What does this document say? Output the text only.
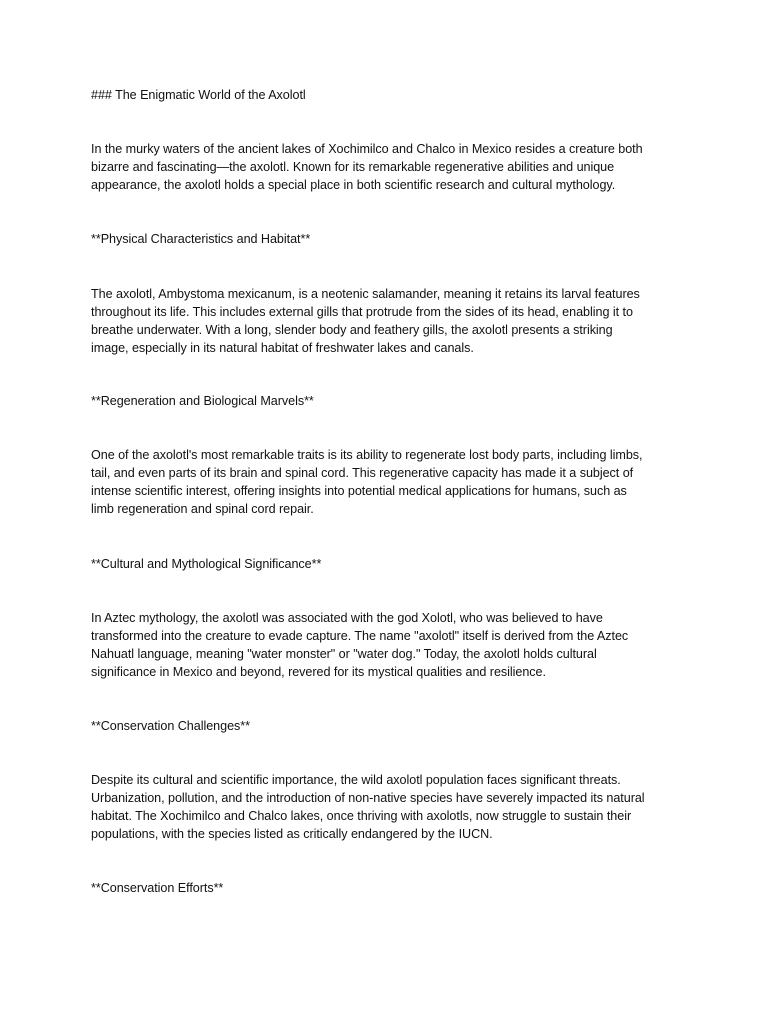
### The Enigmatic World of the Axolotl
In the murky waters of the ancient lakes of Xochimilco and Chalco in Mexico resides a creature both
bizarre and fascinating—the axolotl. Known for its remarkable regenerative abilities and unique
appearance, the axolotl holds a special place in both scientific research and cultural mythology.
**Physical Characteristics and Habitat**
The axolotl, Ambystoma mexicanum, is a neotenic salamander, meaning it retains its larval features
throughout its life. This includes external gills that protrude from the sides of its head, enabling it to
breathe underwater. With a long, slender body and feathery gills, the axolotl presents a striking
image, especially in its natural habitat of freshwater lakes and canals.
**Regeneration and Biological Marvels**
One of the axolotl's most remarkable traits is its ability to regenerate lost body parts, including limbs,
tail, and even parts of its brain and spinal cord. This regenerative capacity has made it a subject of
intense scientific interest, offering insights into potential medical applications for humans, such as
limb regeneration and spinal cord repair.
**Cultural and Mythological Significance**
In Aztec mythology, the axolotl was associated with the god Xolotl, who was believed to have
transformed into the creature to evade capture. The name "axolotl" itself is derived from the Aztec
Nahuatl language, meaning "water monster" or "water dog." Today, the axolotl holds cultural
significance in Mexico and beyond, revered for its mystical qualities and resilience.
**Conservation Challenges**
Despite its cultural and scientific importance, the wild axolotl population faces significant threats.
Urbanization, pollution, and the introduction of non-native species have severely impacted its natural
habitat. The Xochimilco and Chalco lakes, once thriving with axolotls, now struggle to sustain their
populations, with the species listed as critically endangered by the IUCN.
**Conservation Efforts**
